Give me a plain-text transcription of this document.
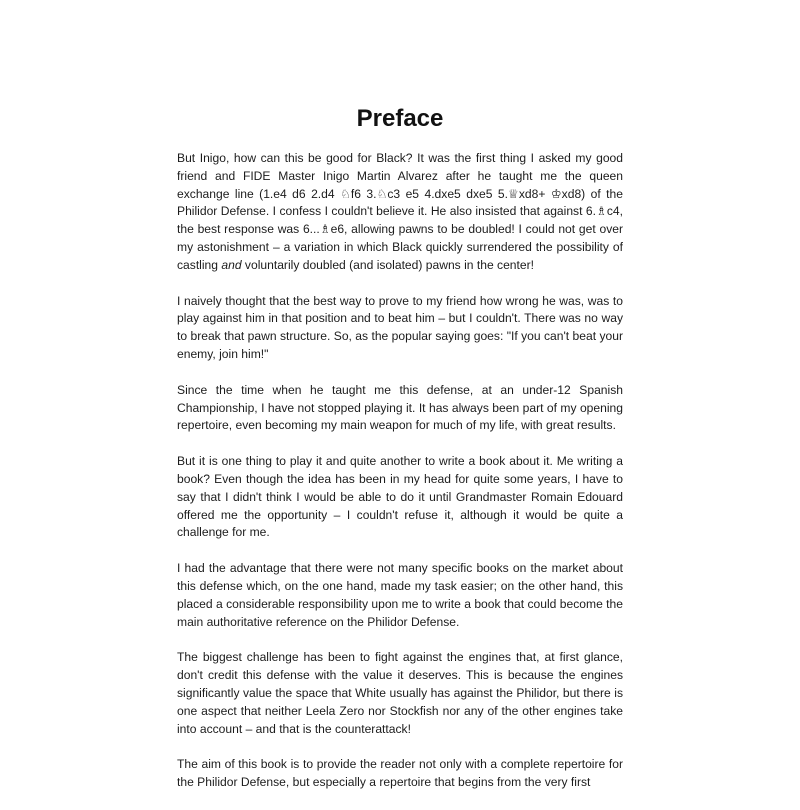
Preface

But Inigo, how can this be good for Black? It was the first thing I asked my good friend and FIDE Master Inigo Martin Alvarez after he taught me the queen exchange line (1.e4 d6 2.d4 ♘f6 3.♘c3 e5 4.dxe5 dxe5 5.♕xd8+ ♔xd8) of the Philidor Defense. I confess I couldn't believe it. He also insisted that against 6.♗c4, the best response was 6...♗e6, allowing pawns to be doubled! I could not get over my astonishment – a variation in which Black quickly surrendered the possibility of castling and voluntarily doubled (and isolated) pawns in the center!

I naively thought that the best way to prove to my friend how wrong he was, was to play against him in that position and to beat him – but I couldn't. There was no way to break that pawn structure. So, as the popular saying goes: "If you can't beat your enemy, join him!"

Since the time when he taught me this defense, at an under-12 Spanish Championship, I have not stopped playing it. It has always been part of my opening repertoire, even becoming my main weapon for much of my life, with great results.

But it is one thing to play it and quite another to write a book about it. Me writing a book? Even though the idea has been in my head for quite some years, I have to say that I didn't think I would be able to do it until Grandmaster Romain Edouard offered me the opportunity – I couldn't refuse it, although it would be quite a challenge for me.

I had the advantage that there were not many specific books on the market about this defense which, on the one hand, made my task easier; on the other hand, this placed a considerable responsibility upon me to write a book that could become the main authoritative reference on the Philidor Defense.

The biggest challenge has been to fight against the engines that, at first glance, don't credit this defense with the value it deserves. This is because the engines significantly value the space that White usually has against the Philidor, but there is one aspect that neither Leela Zero nor Stockfish nor any of the other engines take into account – and that is the counterattack!

The aim of this book is to provide the reader not only with a complete repertoire for the Philidor Defense, but especially a repertoire that begins from the very first
